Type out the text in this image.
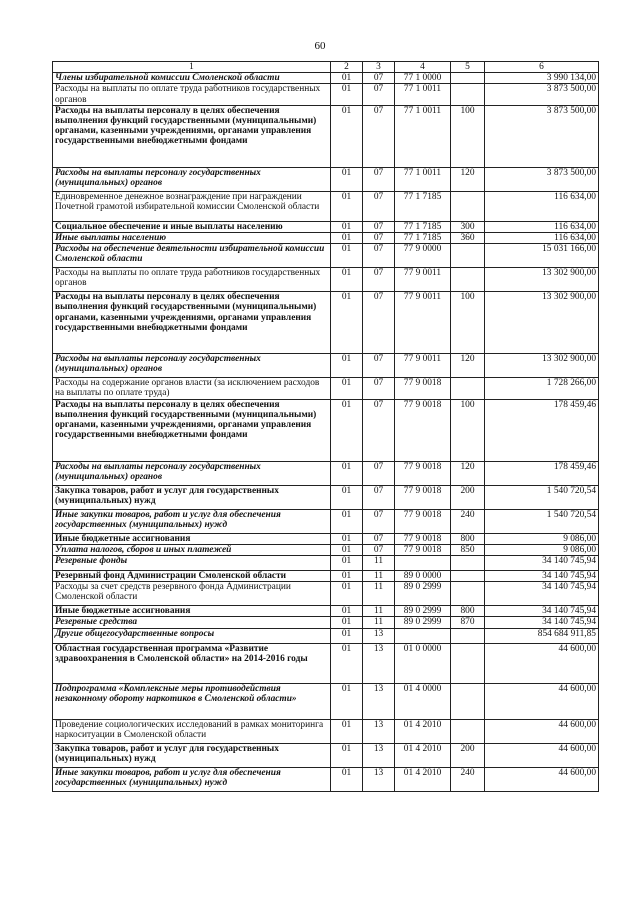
60
1	2	3	4	5	6
Члены избирательной комиссии Смоленской области	01	07	77 1 0000		3 990 134,00
Расходы на выплаты по оплате труда работников государственных органов	01	07	77 1 0011		3 873 500,00
Расходы на выплаты персоналу в целях обеспечения выполнения функций государственными (муниципальными) органами, казенными учреждениями, органами управления государственными внебюджетными фондами	01	07	77 1 0011	100	3 873 500,00
Расходы на выплаты персоналу государственных (муниципальных) органов	01	07	77 1 0011	120	3 873 500,00
Единовременное денежное вознаграждение при награждении Почетной грамотой избирательной комиссии Смоленской области	01	07	77 1 7185		116 634,00
Социальное обеспечение и иные выплаты населению	01	07	77 1 7185	300	116 634,00
Иные выплаты населению	01	07	77 1 7185	360	116 634,00
Расходы на обеспечение деятельности избирательной комиссии Смоленской области	01	07	77 9 0000		15 031 166,00
Расходы на выплаты по оплате труда работников государственных органов	01	07	77 9 0011		13 302 900,00
Расходы на выплаты персоналу в целях обеспечения выполнения функций государственными (муниципальными) органами, казенными учреждениями, органами управления государственными внебюджетными фондами	01	07	77 9 0011	100	13 302 900,00
Расходы на выплаты персоналу государственных (муниципальных) органов	01	07	77 9 0011	120	13 302 900,00
Расходы на содержание органов власти (за исключением расходов на выплаты по оплате труда)	01	07	77 9 0018		1 728 266,00
Расходы на выплаты персоналу в целях обеспечения выполнения функций государственными (муниципальными) органами, казенными учреждениями, органами управления государственными внебюджетными фондами	01	07	77 9 0018	100	178 459,46
Расходы на выплаты персоналу государственных (муниципальных) органов	01	07	77 9 0018	120	178 459,46
Закупка товаров, работ и услуг для государственных (муниципальных) нужд	01	07	77 9 0018	200	1 540 720,54
Иные закупки товаров, работ и услуг для обеспечения государственных (муниципальных) нужд	01	07	77 9 0018	240	1 540 720,54
Иные бюджетные ассигнования	01	07	77 9 0018	800	9 086,00
Уплата налогов, сборов и иных платежей	01	07	77 9 0018	850	9 086,00
Резервные фонды	01	11			34 140 745,94
Резервный фонд Администрации Смоленской области	01	11	89 0 0000		34 140 745,94
Расходы за счет средств резервного фонда Администрации Смоленской области	01	11	89 0 2999		34 140 745,94
Иные бюджетные ассигнования	01	11	89 0 2999	800	34 140 745,94
Резервные средства	01	11	89 0 2999	870	34 140 745,94
Другие общегосударственные вопросы	01	13			854 684 911,85
Областная государственная программа «Развитие здравоохранения в Смоленской области» на 2014-2016 годы	01	13	01 0 0000		44 600,00
Подпрограмма «Комплексные меры противодействия незаконному обороту наркотиков в Смоленской области»	01	13	01 4 0000		44 600,00
Проведение социологических исследований в рамках мониторинга наркоситуации в Смоленской области	01	13	01 4 2010		44 600,00
Закупка товаров, работ и услуг для государственных (муниципальных) нужд	01	13	01 4 2010	200	44 600,00
Иные закупки товаров, работ и услуг для обеспечения государственных (муниципальных) нужд	01	13	01 4 2010	240	44 600,00
